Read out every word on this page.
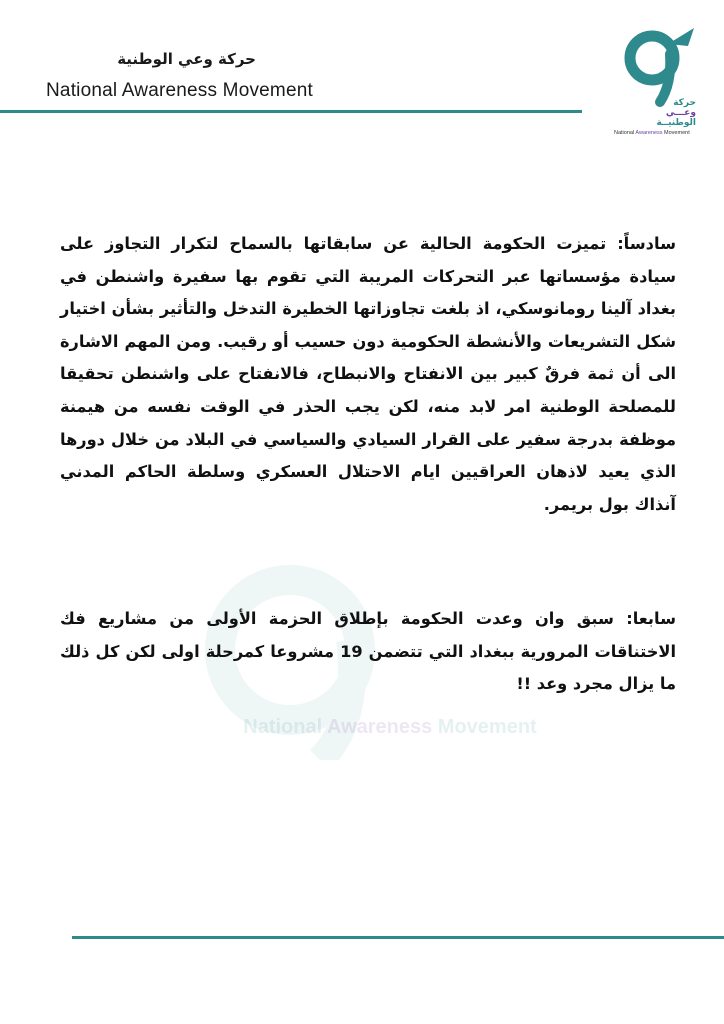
حركة وعي الوطنية
National Awareness Movement
حركة
وعـــي
الوطنيــة
National Awareness Movement
National Awareness Movement
سادساً: تميزت الحكومة الحالية عن سابقاتها بالسماح لتكرار التجاوز على سيادة مؤسساتها عبر التحركات المريبة التي تقوم بها سفيرة واشنطن في بغداد آلينا رومانوسكي، اذ بلغت تجاوزاتها الخطيرة التدخل والتأثير بشأن اختيار شكل التشريعات والأنشطة الحكومية دون حسيب أو رقيب. ومن المهم الاشارة الى أن ثمة فرقٌ كبير بين الانفتاح والانبطاح، فالانفتاح على واشنطن تحقيقا للمصلحة الوطنية امر لابد منه، لكن يجب الحذر في الوقت نفسه من هيمنة موظفة بدرجة سفير على القرار السيادي والسياسي في البلاد من خلال دورها الذي يعيد لاذهان العراقيين ايام الاحتلال العسكري وسلطة الحاكم المدني آنذاك بول بريمر.
سابعا: سبق وان وعدت الحكومة بإطلاق الحزمة الأولى من مشاريع فك الاختناقات المرورية ببغداد التي تتضمن 19 مشروعا كمرحلة اولى لكن كل ذلك ما يزال مجرد وعد !!
